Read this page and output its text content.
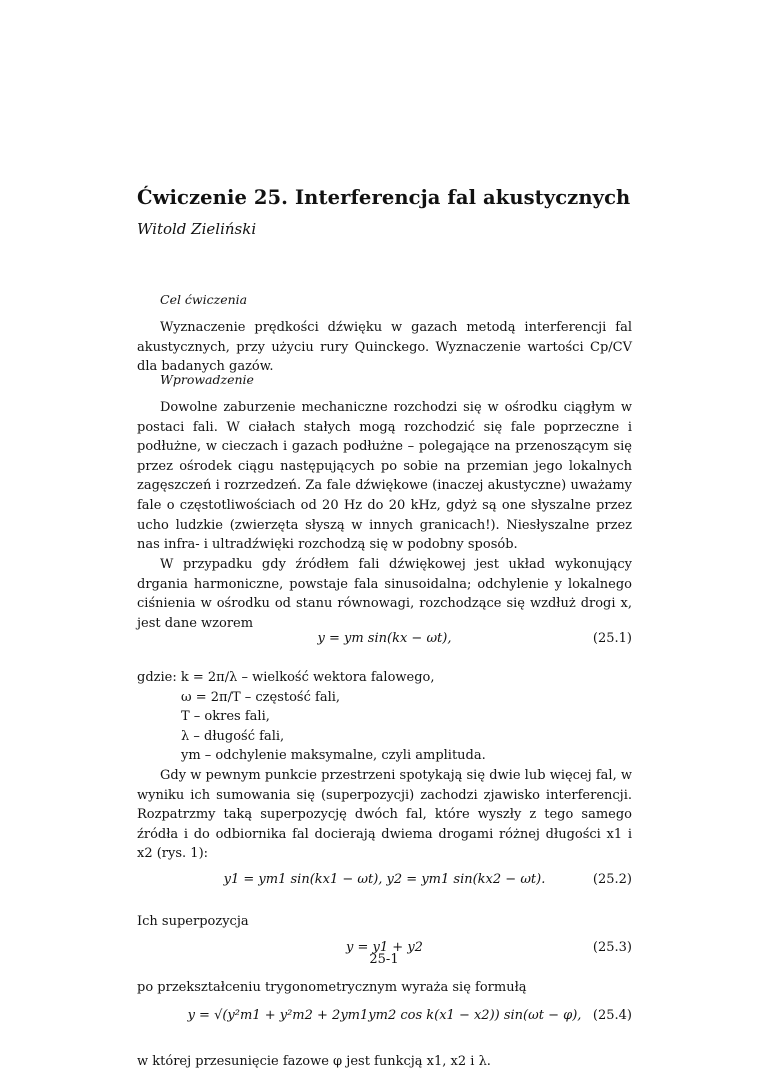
Ćwiczenie 25. Interferencja fal akustycznych
Witold Zieliński
Cel ćwiczenia

Wyznaczenie prędkości dźwięku w gazach metodą interferencji fal akustycznych, przy użyciu rury Quinckego. Wyznaczenie wartości Cp/CV dla badanych gazów.

Wprowadzenie

Dowolne zaburzenie mechaniczne rozchodzi się w ośrodku ciągłym w postaci fali. W ciałach stałych mogą rozchodzić się fale poprzeczne i podłużne, w cieczach i gazach podłużne – polegające na przenoszącym się przez ośrodek ciągu następujących po sobie na przemian jego lokalnych zagęszczeń i rozrzedzeń. Za fale dźwiękowe (inaczej akustyczne) uważamy fale o częstotliwościach od 20 Hz do 20 kHz, gdyż są one słyszalne przez ucho ludzkie (zwierzęta słyszą w innych granicach!). Niesłyszalne przez nas infra- i ultradźwięki rozchodzą się w podobny sposób.

W przypadku gdy źródłem fali dźwiękowej jest układ wykonujący drgania harmoniczne, powstaje fala sinusoidalna; odchylenie y lokalnego ciśnienia w ośrodku od stanu równowagi, rozchodzące się wzdłuż drogi x, jest dane wzorem

y = ym sin(kx − ωt),	(25.1)
gdzie: k = 2π/λ – wielkość wektora falowego,
ω = 2π/T – częstość fali,
T – okres fali,
λ – długość fali,
ym – odchylenie maksymalne, czyli amplituda.

Gdy w pewnym punkcie przestrzeni spotykają się dwie lub więcej fal, w wyniku ich sumowania się (superpozycji) zachodzi zjawisko interferencji. Rozpatrzmy taką superpozycję dwóch fal, które wyszły z tego samego źródła i do odbiornika fal docierają dwiema drogami różnej długości x1 i x2 (rys. 1):

25-1
y1 = ym1 sin(kx1 − ωt), y2 = ym1 sin(kx2 − ωt).	(25.2)
Ich superpozycja
y = y1 + y2	(25.3)
po przekształceniu trygonometrycznym wyraża się formułą
y = √(y²m1 + y²m2 + 2ym1ym2 cos k(x1 − x2)) sin(ωt − φ), (25.4)
w której przesunięcie fazowe φ jest funkcją x1, x2 i λ.
